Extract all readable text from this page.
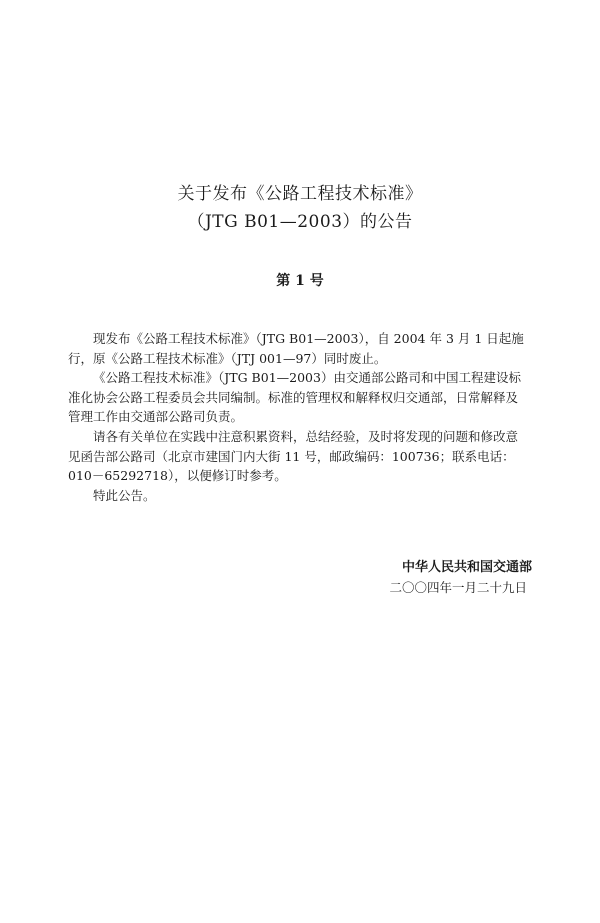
关于发布《公路工程技术标准》
（JTG B01—2003）的公告
第 1 号

现发布《公路工程技术标准》（JTG B01—2003），自 2004 年 3 月 1 日起施行，原《公路工程技术标准》（JTJ 001—97）同时废止。

《公路工程技术标准》（JTG B01—2003）由交通部公路司和中国工程建设标准化协会公路工程委员会共同编制。标准的管理权和解释权归交通部，日常解释及管理工作由交通部公路司负责。

请各有关单位在实践中注意积累资料，总结经验，及时将发现的问题和修改意见函告部公路司（北京市建国门内大街 11 号，邮政编码：100736；联系电话：010－65292718），以便修订时参考。

特此公告。

中华人民共和国交通部
二〇〇四年一月二十九日
